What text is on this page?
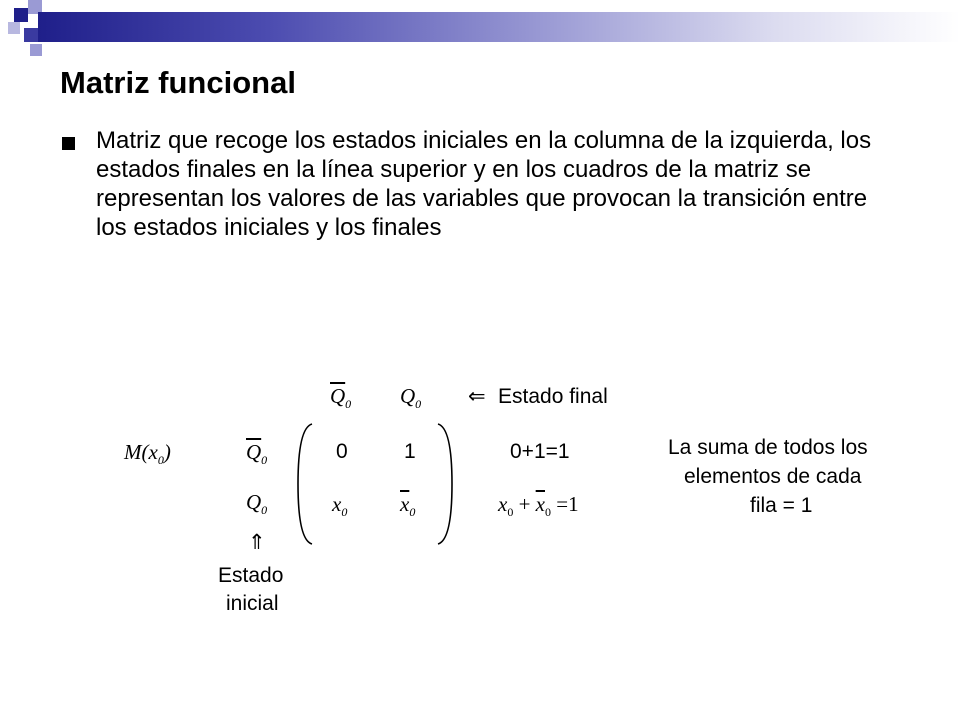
Matriz funcional

Matriz que recoge los estados iniciales en la columna de la izquierda, los estados finales en la línea superior y en los cuadros de la matriz se representan los valores de las variables que provocan la transición entre los estados iniciales y los finales

$M(x_0)$
$\overline{Q}_0$ $Q_0$ ⇐ Estado final
$\overline{Q}_0$
$Q_0$
0	1
$x_0$	$\overline{x}_0$
0+1=1
$x_0 + \overline{x}_0 =1$
⇑
Estado
inicial
La suma de todos los
elementos de cada
fila = 1
